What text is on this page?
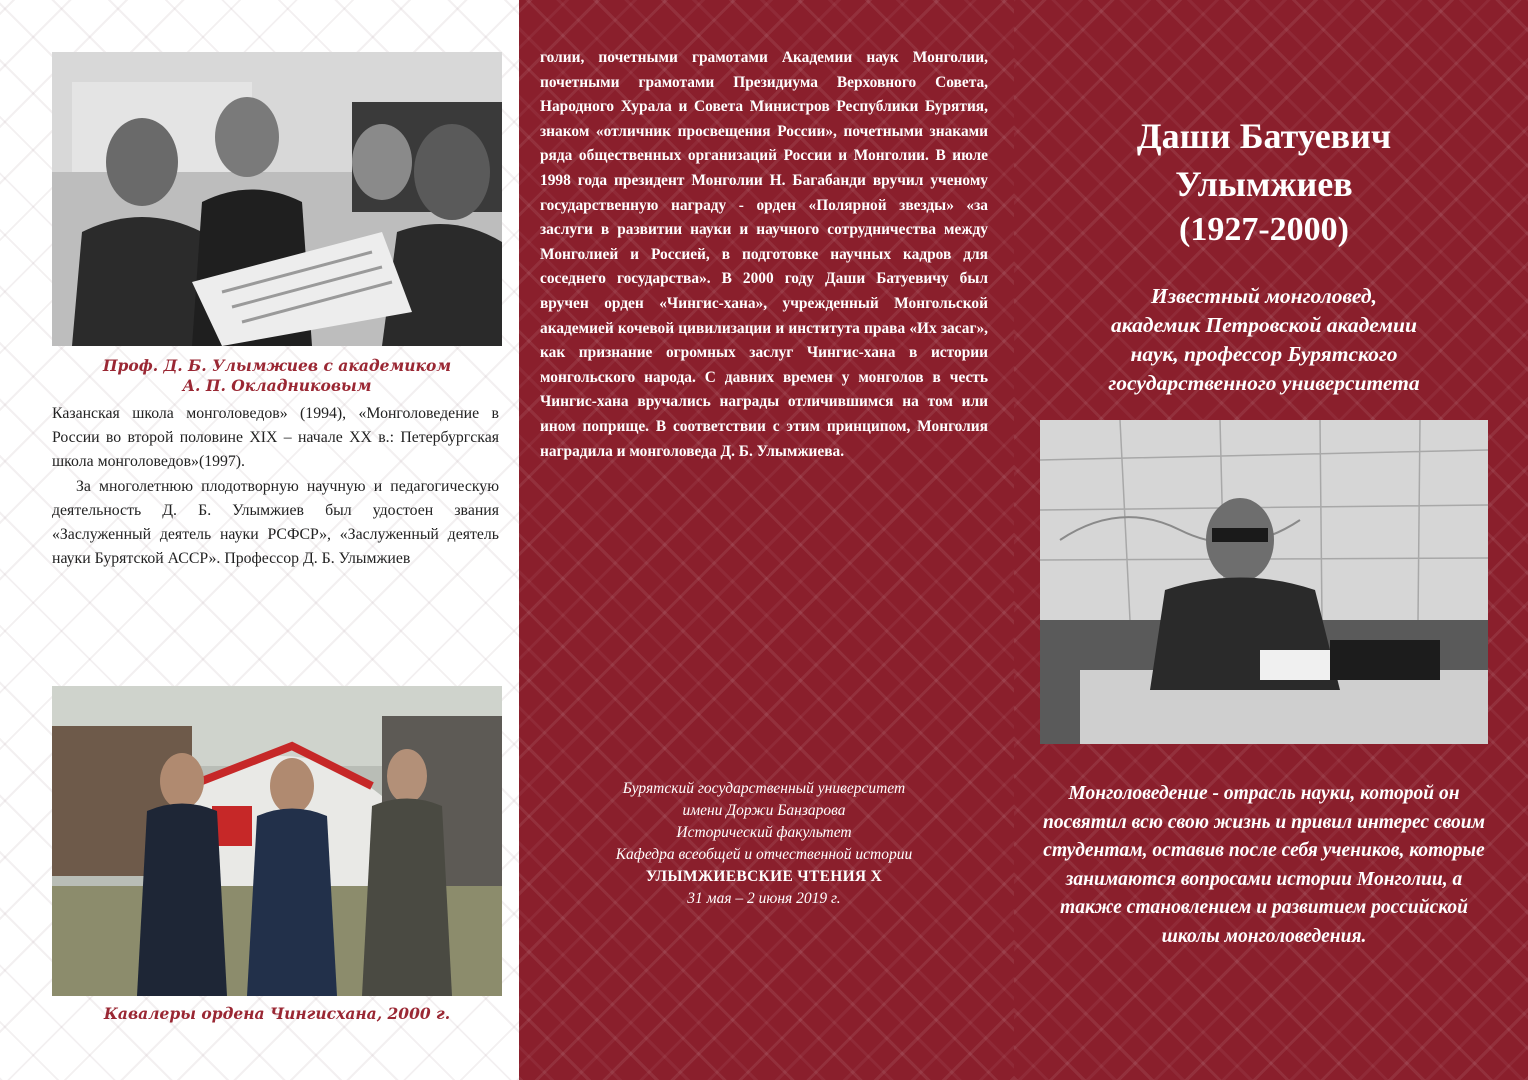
Проф. Д. Б. Улымжиев с академиком
А. П. Окладниковым

Казанская школа монголоведов» (1994), «Монголоведение в России во второй половине XIX – начале XX в.: Петербургская школа монголоведов»(1997).

За многолетнюю плодотворную научную и педагогическую деятельность Д. Б. Улымжиев был удостоен звания «Заслуженный деятель науки РСФСР», «Заслуженный деятель науки Бурятской АССР». Профессор Д. Б. Улымжиев

Кавалеры ордена Чингисхана, 2000 г.

голии, почетными грамотами Академии наук Монголии, почетными грамотами Президиума Верховного Совета, Народного Хурала и Совета Министров Республики Бурятия, знаком «отличник просвещения России», почетными знаками ряда общественных организаций России и Монголии. В июле 1998 года президент Монголии Н. Багабанди вручил ученому государственную награду - орден «Полярной звезды» «за заслуги в развитии науки и научного сотрудничества между Монголией и Россией, в подготовке научных кадров для соседнего государства». В 2000 году Даши Батуевичу был вручен орден «Чингис-хана», учрежденный Монгольской академией кочевой цивилизации и института права «Их засаг», как признание огромных заслуг Чингис-хана в истории монгольского народа. С давних времен у монголов в честь Чингис-хана вручались награды отличившимся на том или ином поприще. В соответствии с этим принципом, Монголия наградила и монголоведа Д. Б. Улымжиева.

Бурятский государственный университет
имени Доржи Банзарова
Исторический факультет
Кафедра всеобщей и отчественной истории
УЛЫМЖИЕВСКИЕ ЧТЕНИЯ X
31 мая – 2 июня 2019 г.
Даши Батуевич
Улымжиев
(1927-2000)
Известный монголовед,
академик Петровской академии
наук, профессор Бурятского
государственного университета
Монголоведение - отрасль науки, которой он посвятил всю свою жизнь и привил интерес своим студентам, оставив после себя учеников, которые занимаются вопросами истории Монголии, а также становлением и развитием российской школы монголоведения.
